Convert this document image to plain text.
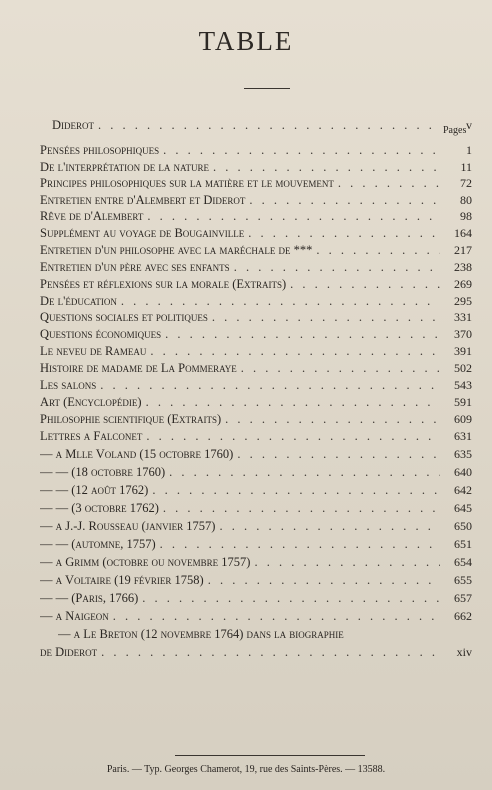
TABLE
Pages
Diderot . . .	v
Pensées philosophiques . . .	1
De l'interprétation de la nature . . .	11
Principes philosophiques sur la matière et le mouvement . . .	72
Entretien entre d'Alembert et Diderot . . .	80
Rêve de d'Alembert . . .	98
Supplément au voyage de Bougainville . . .	164
Entretien d'un philosophe avec la maréchale de *** . . .	217
Entretien d'un père avec ses enfants . . .	238
Pensées et réflexions sur la morale (Extraits) . . .	269
De l'éducation . . .	295
Questions sociales et politiques . . .	331
Questions économiques . . .	370
Le neveu de Rameau . . .	391
Histoire de madame de La Pommeraye . . .	502
Les salons . . .	543
Art (Encyclopédie) . . .	591
Philosophie scientifique (Extraits) . . .	609
Lettres a Falconet . . .	631
— a Mlle Voland (15 octobre 1760) . . .	635
— — (18 octobre 1760) . . .	640
— — (12 août 1762) . . .	642
— — (3 octobre 1762) . . .	645
— a J.-J. Rousseau (janvier 1757) . . .	650
— — (automne, 1757) . . .	651
— a Grimm (octobre ou novembre 1757) . . .	654
— a Voltaire (19 février 1758) . . .	655
— — (Paris, 1766) . . .	657
— a Naigeon . . .	662
— a Le Breton (12 novembre 1764) dans la biographie
de Diderot . . .	xiv
Paris. — Typ. Georges Chamerot, 19, rue des Saints-Pères. — 13588.
